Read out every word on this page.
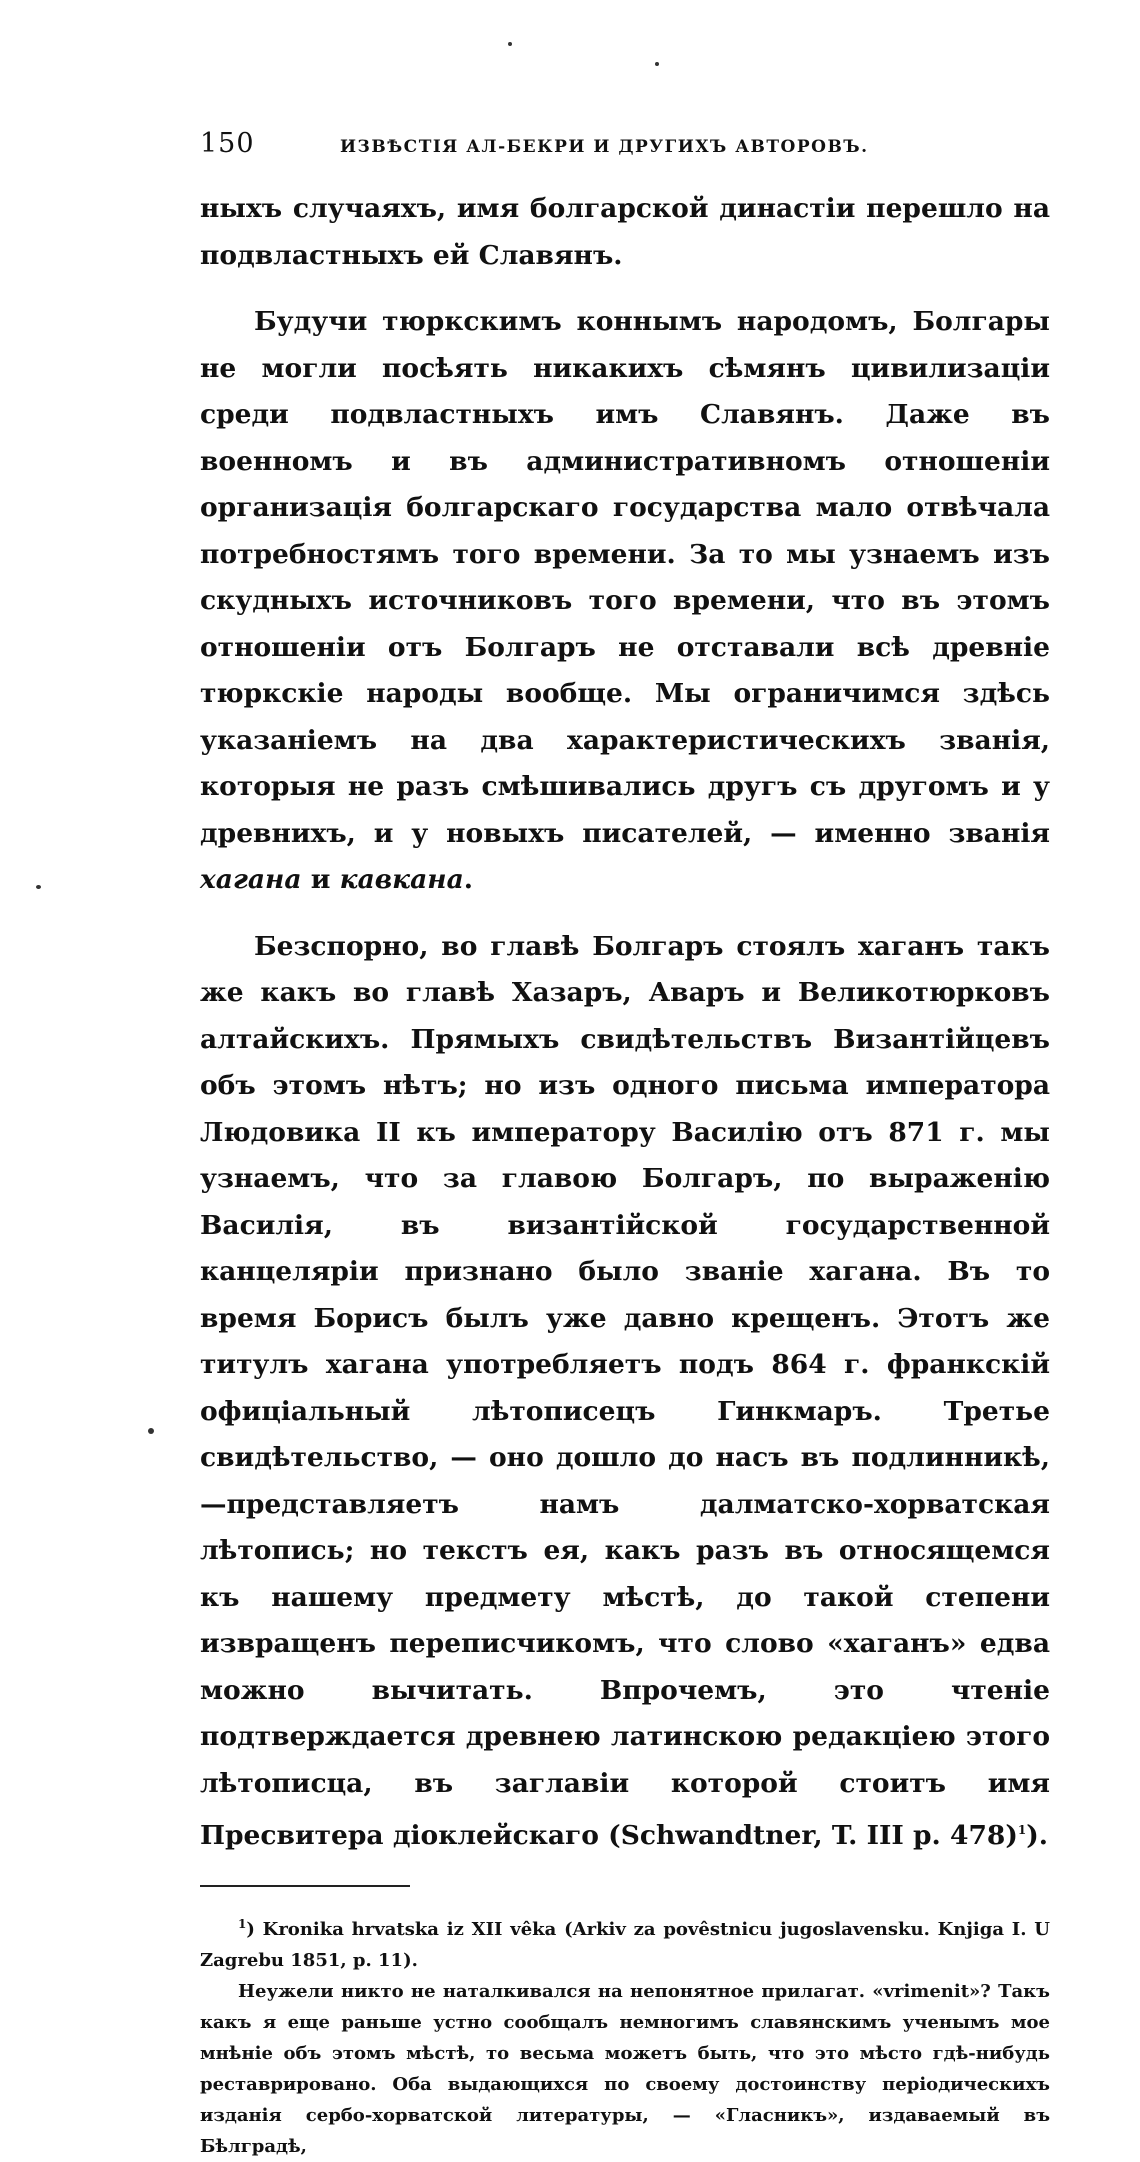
150	ИЗВѢСТІЯ АЛ-БЕКРИ И ДРУГИХЪ АВТОРОВЪ.

ныхъ случаяхъ, имя болгарской династіи перешло на подвластныхъ ей Славянъ.

Будучи тюркскимъ коннымъ народомъ, Болгары не могли посѣять никакихъ сѣмянъ цивилизаціи среди подвластныхъ имъ Славянъ. Даже въ военномъ и въ административномъ отношеніи организація болгарскаго государства мало отвѣчала потребностямъ того времени. За то мы узнаемъ изъ скудныхъ источниковъ того времени, что въ этомъ отношеніи отъ Болгаръ не отставали всѣ древніе тюркскіе народы вообще. Мы ограничимся здѣсь указаніемъ на два характеристическихъ званія, которыя не разъ смѣшивались другъ съ другомъ и у древнихъ, и у новыхъ писателей, — именно званія хагана и кавкана.

Безспорно, во главѣ Болгаръ стоялъ хаганъ такъ же какъ во главѣ Хазаръ, Аваръ и Великотюрковъ алтайскихъ. Прямыхъ свидѣтельствъ Византійцевъ объ этомъ нѣтъ; но изъ одного письма императора Людовика II къ императору Василію отъ 871 г. мы узнаемъ, что за главою Болгаръ, по выраженію Василія, въ византійской государственной канцеляріи признано было званіе хагана. Въ то время Борисъ былъ уже давно крещенъ. Этотъ же титулъ хагана употребляетъ подъ 864 г. франкскій офиціальный лѣтописецъ Гинкмаръ. Третье свидѣтельство, — оно дошло до насъ въ подлинникѣ,—представляетъ намъ далматско-хорватская лѣтопись; но текстъ ея, какъ разъ въ относящемся къ нашему предмету мѣстѣ, до такой степени извращенъ переписчикомъ, что слово «хаганъ» едва можно вычитать. Впрочемъ, это чтеніе подтверждается древнею латинскою редакціею этого лѣтописца, въ заглавіи которой стоитъ имя Пресвитера діоклейскаго (Schwandtner, T. III p. 478)$^1$).

$^1$) Kronika hrvatska iz XII vêka (Arkiv za povêstnicu jugoslavensku. Knjiga I. U Zagrebu 1851, p. 11).

Неужели никто не наталкивался на непонятное прилагат. «vrimenit»? Такъ какъ я еще раньше устно сообщалъ немногимъ славянскимъ ученымъ мое мнѣніе объ этомъ мѣстѣ, то весьма можетъ быть, что это мѣсто гдѣ-нибудь реставрировано. Оба выдающихся по своему достоинству періодическихъ изданія сербо-хорватской литературы, — «Гласникъ», издаваемый въ Бѣлградѣ,
